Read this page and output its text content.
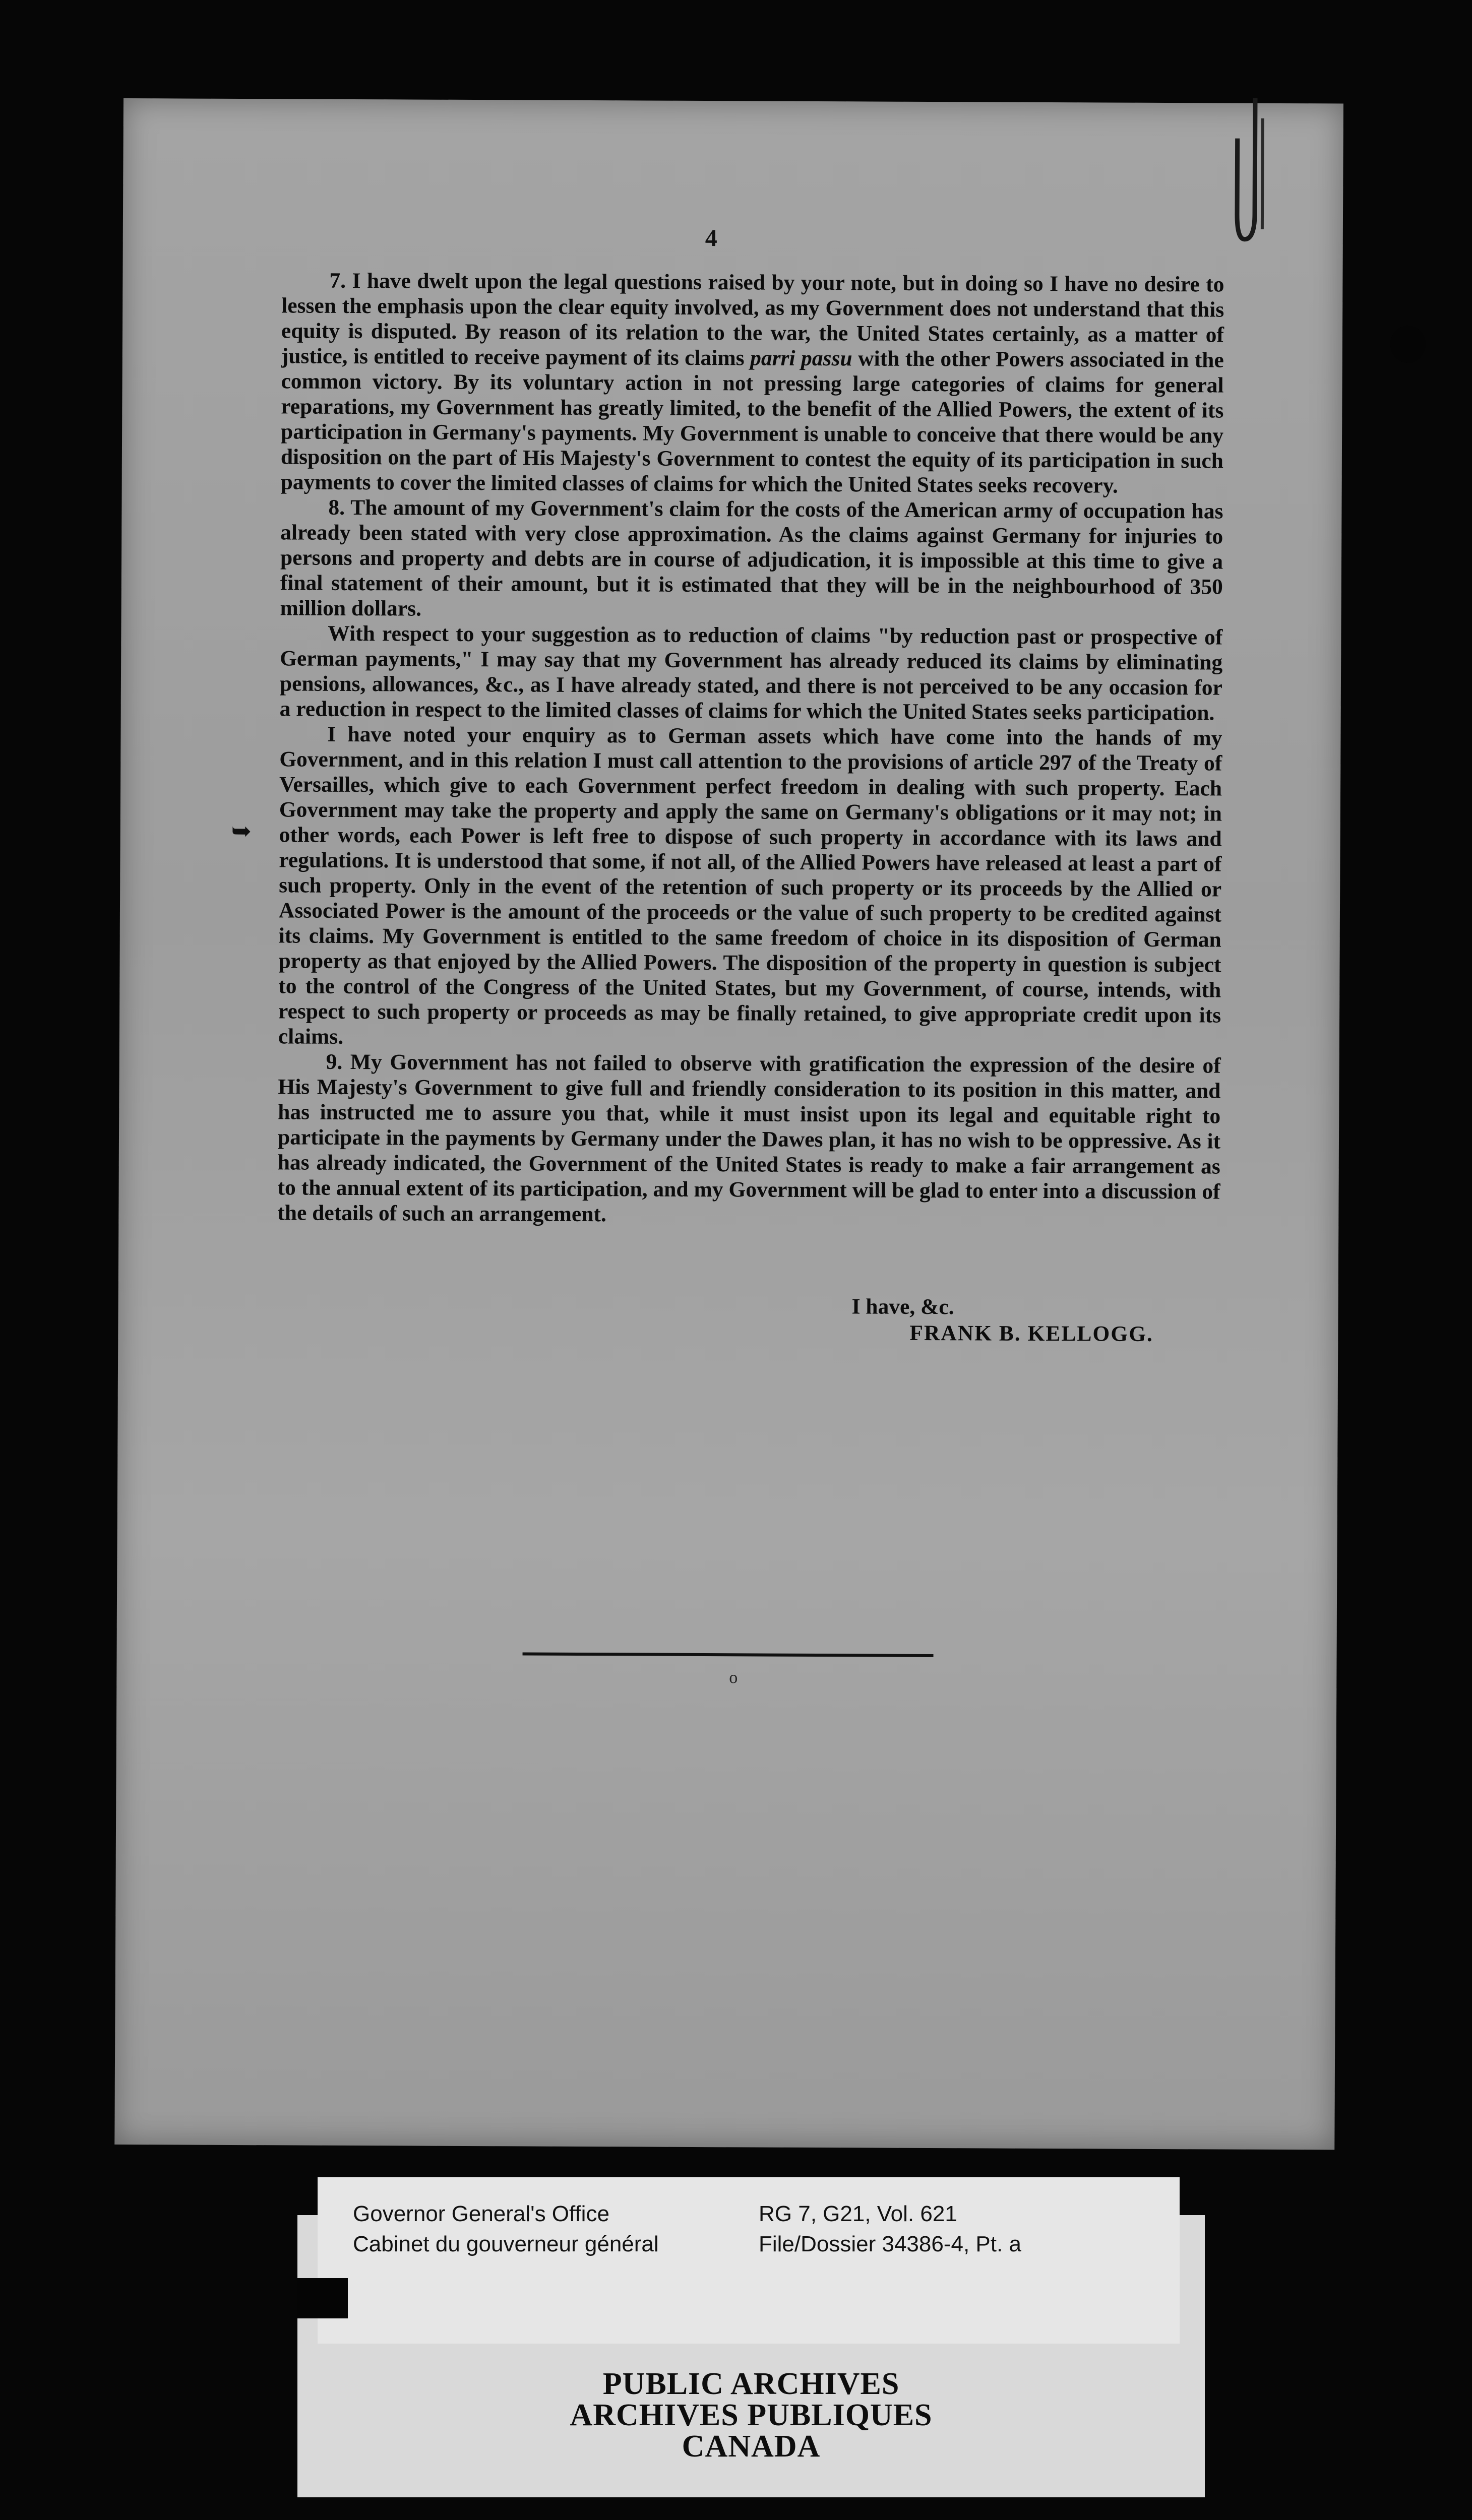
➥
4

7. I have dwelt upon the legal questions raised by your note, but in doing so I have no desire to lessen the emphasis upon the clear equity involved, as my Government does not understand that this equity is disputed. By reason of its relation to the war, the United States certainly, as a matter of justice, is entitled to receive payment of its claims parri passu with the other Powers associated in the common victory. By its voluntary action in not pressing large categories of claims for general reparations, my Government has greatly limited, to the benefit of the Allied Powers, the extent of its participation in Germany's payments. My Government is unable to conceive that there would be any disposition on the part of His Majesty's Government to contest the equity of its participation in such payments to cover the limited classes of claims for which the United States seeks recovery.

8. The amount of my Government's claim for the costs of the American army of occupation has already been stated with very close approximation. As the claims against Germany for injuries to persons and property and debts are in course of adjudication, it is impossible at this time to give a final statement of their amount, but it is estimated that they will be in the neighbourhood of 350 million dollars.

With respect to your suggestion as to reduction of claims "by reduction past or prospective of German payments," I may say that my Government has already reduced its claims by eliminating pensions, allowances, &c., as I have already stated, and there is not perceived to be any occasion for a reduction in respect to the limited classes of claims for which the United States seeks participation.

I have noted your enquiry as to German assets which have come into the hands of my Government, and in this relation I must call attention to the provisions of article 297 of the Treaty of Versailles, which give to each Government perfect freedom in dealing with such property. Each Government may take the property and apply the same on Germany's obligations or it may not; in other words, each Power is left free to dispose of such property in accordance with its laws and regulations. It is understood that some, if not all, of the Allied Powers have released at least a part of such property. Only in the event of the retention of such property or its proceeds by the Allied or Associated Power is the amount of the proceeds or the value of such property to be credited against its claims. My Government is entitled to the same freedom of choice in its disposition of German property as that enjoyed by the Allied Powers. The disposition of the property in question is subject to the control of the Congress of the United States, but my Government, of course, intends, with respect to such property or proceeds as may be finally retained, to give appropriate credit upon its claims.

9. My Government has not failed to observe with gratification the expression of the desire of His Majesty's Government to give full and friendly consideration to its position in this matter, and has instructed me to assure you that, while it must insist upon its legal and equitable right to participate in the payments by Germany under the Dawes plan, it has no wish to be oppressive. As it has already indicated, the Government of the United States is ready to make a fair arrangement as to the annual extent of its participation, and my Government will be glad to enter into a discussion of the details of such an arrangement.

I have, &c.
FRANK B. KELLOGG.
o
Governor General's Office
Cabinet du gouverneur général
RG 7, G21, Vol. 621
File/Dossier 34386-4, Pt. a
PUBLIC ARCHIVES
ARCHIVES PUBLIQUES
CANADA
